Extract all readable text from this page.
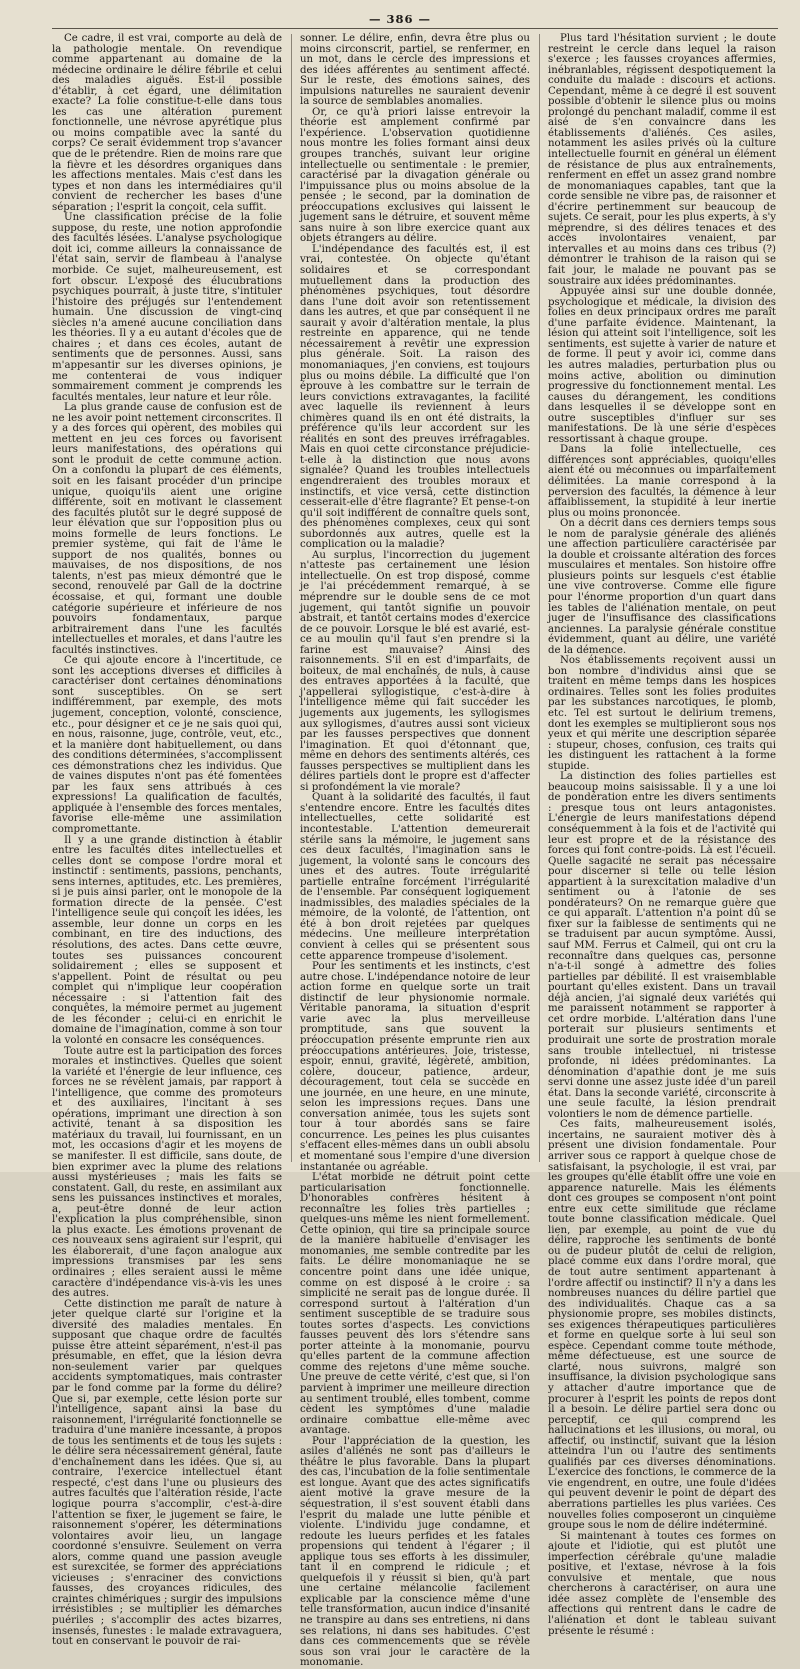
— 386 —

Ce cadre, il est vrai, comporte au delà de la pathologie mentale. On revendique comme appartenant au domaine de la médecine ordinaire le délire fébrile et celui des maladies aiguës. Est-il possible d'établir, à cet égard, une délimitation exacte? La folie constitue-t-elle dans tous les cas une altération purement fonctionnelle, une névrose apyrétique plus ou moins compatible avec la santé du corps? Ce serait évidemment trop s'avancer que de le prétendre. Rien de moins rare que la fièvre et les désordres organiques dans les affections mentales. Mais c'est dans les types et non dans les intermédiaires qu'il convient de rechercher les bases d'une séparation ; l'esprit la conçoit, cela suffit.

Une classification précise de la folie suppose, du reste, une notion approfondie des facultés lésées. L'analyse psychologique doit ici, comme ailleurs la connaissance de l'état sain, servir de flambeau à l'analyse morbide. Ce sujet, malheureusement, est fort obscur. L'exposé des élucubrations psychiques pourrait, à juste titre, s'intituler l'histoire des préjugés sur l'entendement humain. Une discussion de vingt-cinq siècles n'a amené aucune conciliation dans les théories. Il y a eu autant d'écoles que de chaires ; et dans ces écoles, autant de sentiments que de personnes. Aussi, sans m'appesantir sur les diverses opinions, je me contenterai de vous indiquer sommairement comment je comprends les facultés mentales, leur nature et leur rôle.

La plus grande cause de confusion est de ne les avoir point nettement circonscrites. Il y a des forces qui opèrent, des mobiles qui mettent en jeu ces forces ou favorisent leurs manifestations, des opérations qui sont le produit de cette commune action. On a confondu la plupart de ces éléments, soit en les faisant procéder d'un principe unique, quoiqu'ils aient une origine différente, soit en motivant le classement des facultés plutôt sur le degré supposé de leur élévation que sur l'opposition plus ou moins formelle de leurs fonctions. Le premier système, qui fait de l'âme le support de nos qualités, bonnes ou mauvaises, de nos dispositions, de nos talents, n'est pas mieux démontré que le second, renouvelé par Gall de la doctrine écossaise, et qui, formant une double catégorie supérieure et inférieure de nos pouvoirs fondamentaux, parque arbitrairement dans l'une les facultés intellectuelles et morales, et dans l'autre les facultés instinctives.

Ce qui ajoute encore à l'incertitude, ce sont les acceptions diverses et difficiles à caractériser dont certaines dénominations sont susceptibles. On se sert indifféremment, par exemple, des mots jugement, conception, volonté, conscience, etc., pour désigner et ce je ne sais quoi qui, en nous, raisonne, juge, contrôle, veut, etc., et la manière dont habituellement, ou dans des conditions déterminées, s'accomplissent ces démonstrations chez les individus. Que de vaines disputes n'ont pas été fomentées par les faux sens attribués à ces expressions! La qualification de facultés, appliquée à l'ensemble des forces mentales, favorise elle-même une assimilation compromettante.

Il y a une grande distinction à établir entre les facultés dites intellectuelles et celles dont se compose l'ordre moral et instinctif : sentiments, passions, penchants, sens internes, aptitudes, etc. Les premières, si je puis ainsi parler, ont le monopole de la formation directe de la pensée. C'est l'intelligence seule qui conçoit les idées, les assemble, leur donne un corps en les combinant, en tire des inductions, des résolutions, des actes. Dans cette œuvre, toutes ses puissances concourent solidairement ; elles se supposent et s'appellent. Point de résultat ou peu complet qui n'implique leur coopération nécessaire : si l'attention fait des conquêtes, la mémoire permet au jugement de les féconder ; celui-ci en enrichit le domaine de l'imagination, comme à son tour la volonté en consacre les conséquences.

Toute autre est la participation des forces morales et instinctives. Quelles que soient la variété et l'énergie de leur influence, ces forces ne se révèlent jamais, par rapport à l'intelligence, que comme des promoteurs et des auxiliaires, l'incitant à ses opérations, imprimant une direction à son activité, tenant à sa disposition les matériaux du travail, lui fournissant, en un mot, les occasions d'agir et les moyens de se manifester. Il est difficile, sans doute, de bien exprimer avec la plume des relations aussi mystérieuses ; mais les faits se constatent. Gall, du reste, en assimilant aux sens les puissances instinctives et morales, a, peut-être donné de leur action l'explication la plus compréhensible, sinon la plus exacte. Les émotions provenant de ces nouveaux sens agiraient sur l'esprit, qui les élaborerait, d'une façon analogue aux impressions transmises par les sens ordinaires ; elles seraient aussi le même caractère d'indépendance vis-à-vis les unes des autres.

Cette distinction me paraît de nature à jeter quelque clarté sur l'origine et la diversité des maladies mentales. En supposant que chaque ordre de facultés puisse être atteint séparément, n'est-il pas présumable, en effet, que la lésion devra non-seulement varier par quelques accidents symptomatiques, mais contraster par le fond comme par la forme du délire? Que si, par exemple, cette lésion porte sur l'intelligence, sapant ainsi la base du raisonnement, l'irrégularité fonctionnelle se traduira d'une manière incessante, à propos de tous les sentiments et de tous les sujets : le délire sera nécessairement général, faute d'enchaînement dans les idées. Que si, au contraire, l'exercice intellectuel étant respecté, c'est dans l'une ou plusieurs des autres facultés que l'altération réside, l'acte logique pourra s'accomplir, c'est-à-dire l'attention se fixer, le jugement se faire, le raisonnement s'opérer, les déterminations volontaires avoir lieu, un langage coordonné s'ensuivre. Seulement on verra alors, comme quand une passion aveugle est surexcitée, se former des appréciations vicieuses ; s'enraciner des convictions fausses, des croyances ridicules, des craintes chimériques ; surgir des impulsions irrésistibles ; se multiplier les démarches puériles ; s'accomplir des actes bizarres, insensés, funestes : le malade extravaguera, tout en conservant le pouvoir de rai-

sonner. Le délire, enfin, devra être plus ou moins circonscrit, partiel, se renfermer, en un mot, dans le cercle des impressions et des idées afférentes au sentiment affecté. Sur le reste, des émotions saines, des impulsions naturelles ne sauraient devenir la source de semblables anomalies.

Or, ce qu'à priori laisse entrevoir la théorie est amplement confirmé par l'expérience. L'observation quotidienne nous montre les folies formant ainsi deux groupes tranchés, suivant leur origine intellectuelle ou sentimentale : le premier, caractérisé par la divagation générale ou l'impuissance plus ou moins absolue de la pensée ; le second, par la domination de préoccupations exclusives qui laissent le jugement sans le détruire, et souvent même sans nuire à son libre exercice quant aux objets étrangers au délire.

L'indépendance des facultés est, il est vrai, contestée. On objecte qu'étant solidaires et se correspondant mutuellement dans la production des phénomènes psychiques, tout désordre dans l'une doit avoir son retentissement dans les autres, et que par conséquent il ne saurait y avoir d'altération mentale, la plus restreinte en apparence, qui ne tende nécessairement à revêtir une expression plus générale. Soit. La raison des monomaniaques, j'en conviens, est toujours plus ou moins débile. La difficulté que l'on éprouve à les combattre sur le terrain de leurs convictions extravagantes, la facilité avec laquelle ils reviennent à leurs chimères quand ils en ont été distraits, la préférence qu'ils leur accordent sur les réalités en sont des preuves irréfragables. Mais en quoi cette circonstance préjudicie-t-elle à la distinction que nous avons signalée? Quand les troubles intellectuels engendreraient des troubles moraux et instinctifs, et vice versâ, cette distinction cesserait-elle d'être flagrante? Et pense-t-on qu'il soit indifférent de connaître quels sont, des phénomènes complexes, ceux qui sont subordonnés aux autres, quelle est la complication ou la maladie?

Au surplus, l'incorrection du jugement n'atteste pas certainement une lésion intellectuelle. On est trop disposé, comme je l'ai précédemment remarqué, à se méprendre sur le double sens de ce mot jugement, qui tantôt signifie un pouvoir abstrait, et tantôt certains modes d'exercice de ce pouvoir. Lorsque le blé est avarié, est-ce au moulin qu'il faut s'en prendre si la farine est mauvaise? Ainsi des raisonnements. S'il en est d'imparfaits, de boiteux, de mal enchaînés, de nuls, à cause des entraves apportées à la faculté, que j'appellerai syllogistique, c'est-à-dire à l'intelligence même qui fait succéder les jugements aux jugements, les syllogismes aux syllogismes, d'autres aussi sont vicieux par les fausses perspectives que donnent l'imagination. Et quoi d'étonnant que, même en dehors des sentiments altérés, ces fausses perspectives se multiplient dans les délires partiels dont le propre est d'affecter si profondément la vie morale?

Quant à la solidarité des facultés, il faut s'entendre encore. Entre les facultés dites intellectuelles, cette solidarité est incontestable. L'attention demeurerait stérile sans la mémoire, le jugement sans ces deux facultés, l'imagination sans le jugement, la volonté sans le concours des unes et des autres. Toute irrégularité partielle entraîne forcément l'irrégularité de l'ensemble. Par conséquent logiquement inadmissibles, des maladies spéciales de la mémoire, de la volonté, de l'attention, ont été à bon droit rejetées par quelques médecins. Une meilleure interprétation convient à celles qui se présentent sous cette apparence trompeuse d'isolement.

Pour les sentiments et les instincts, c'est autre chose. L'indépendance notoire de leur action forme en quelque sorte un trait distinctif de leur physionomie normale. Véritable panorama, la situation d'esprit varie avec la plus merveilleuse promptitude, sans que souvent la préoccupation présente emprunte rien aux préoccupations antérieures. Joie, tristesse, espoir, ennui, gravité, légèreté, ambition, colère, douceur, patience, ardeur, découragement, tout cela se succède en une journée, en une heure, en une minute, selon les impressions reçues. Dans une conversation animée, tous les sujets sont tour à tour abordés sans se faire concurrence. Les peines les plus cuisantes s'effacent elles-mêmes dans un oubli absolu et momentané sous l'empire d'une diversion instantanée ou agréable.

L'état morbide ne détruit point cette particularisation fonctionnelle. D'honorables confrères hésitent à reconnaître les folies très partielles ; quelques-uns même les nient formellement. Cette opinion, qui tire sa principale source de la manière habituelle d'envisager les monomanies, me semble contredite par les faits. Le délire monomaniaque ne se concentre point dans une idée unique, comme on est disposé à le croire : sa simplicité ne serait pas de longue durée. Il correspond surtout à l'altération d'un sentiment susceptible de se traduire sous toutes sortes d'aspects. Les convictions fausses peuvent dès lors s'étendre sans porter atteinte à la monomanie, pourvu qu'elles partent de la commune affection comme des rejetons d'une même souche. Une preuve de cette vérité, c'est que, si l'on parvient à imprimer une meilleure direction au sentiment troublé, elles tombent, comme cèdent les symptômes d'une maladie ordinaire combattue elle-même avec avantage.

Pour l'appréciation de la question, les asiles d'aliénés ne sont pas d'ailleurs le théâtre le plus favorable. Dans la plupart des cas, l'incubation de la folie sentimentale est longue. Avant que des actes significatifs aient motivé la grave mesure de la séquestration, il s'est souvent établi dans l'esprit du malade une lutte pénible et violente. L'individu juge condamne, et redoute les lueurs perfides et les fatales propensions qui tendent à l'égarer ; il applique tous ses efforts à les dissimuler, tant il en comprend le ridicule ; et quelquefois il y réussit si bien, qu'à part une certaine mélancolie facilement explicable par la conscience même d'une telle transformation, aucun indice d'insanité ne transpire au dans ses entretiens, ni dans ses relations, ni dans ses habitudes. C'est dans ces commencements que se révèle sous son vrai jour le caractère de la monomanie.

Plus tard l'hésitation survient ; le doute restreint le cercle dans lequel la raison s'exerce ; les fausses croyances affermies, inébranlables, régissent despotiquement la conduite du malade : discours et actions. Cependant, même à ce degré il est souvent possible d'obtenir le silence plus ou moins prolongé du penchant maladif, comme il est aisé de s'en convaincre dans les établissements d'aliénés. Ces asiles, notamment les asiles privés où la culture intellectuelle fournit en général un élément de résistance de plus aux entraînements, renferment en effet un assez grand nombre de monomaniaques capables, tant que la corde sensible ne vibre pas, de raisonner et d'écrire pertinemment sur beaucoup de sujets. Ce serait, pour les plus experts, à s'y méprendre, si des délires tenaces et des accès involontaires venaient, par intervalles et au moins dans ces tribus (?) démontrer le trahison de la raison qui se fait jour, le malade ne pouvant pas se soustraire aux idées prédominantes.

Appuyée ainsi sur une double donnée, psychologique et médicale, la division des folies en deux principaux ordres me paraît d'une parfaite évidence. Maintenant, la lésion qui atteint soit l'intelligence, soit les sentiments, est sujette à varier de nature et de forme. Il peut y avoir ici, comme dans les autres maladies, perturbation plus ou moins active, abolition ou diminution progressive du fonctionnement mental. Les causes du dérangement, les conditions dans lesquelles il se développe sont en outre susceptibles d'influer sur ses manifestations. De là une série d'espèces ressortissant à chaque groupe.

Dans la folie intellectuelle, ces différences sont appréciables, quoiqu'elles aient été ou méconnues ou imparfaitement délimitées. La manie correspond à la perversion des facultés, la démence à leur affaiblissement, la stupidité à leur inertie plus ou moins prononcée.

On a décrit dans ces derniers temps sous le nom de paralysie générale des aliénés une affection particulière caractérisée par la double et croissante altération des forces musculaires et mentales. Son histoire offre plusieurs points sur lesquels c'est établie une vive controverse. Comme elle figure pour l'énorme proportion d'un quart dans les tables de l'aliénation mentale, on peut juger de l'insuffisance des classifications anciennes. La paralysie générale constitue évidemment, quant au délire, une variété de la démence.

Nos établissements reçoivent aussi un bon nombre d'individus ainsi que se traitent en même temps dans les hospices ordinaires. Telles sont les folies produites par les substances narcotiques, le plomb, etc. Tel est surtout le delirium tremens, dont les exemples se multiplieront sous nos yeux et qui mérite une description séparée : stupeur, choses, confusion, ces traits qui les distinguent les rattachent à la forme stupide.

La distinction des folies partielles est beaucoup moins saisissable. Il y a une loi de pondération entre les divers sentiments : presque tous ont leurs antagonistes. L'énergie de leurs manifestations dépend conséquemment à la fois et de l'activité qui leur est propre et de la résistance des forces qui font contre-poids. Là est l'écueil. Quelle sagacité ne serait pas nécessaire pour discerner si telle ou telle lésion appartient à la surexcitation maladive d'un sentiment ou à l'atonie de ses pondérateurs? On ne remarque guère que ce qui apparaît. L'attention n'a point dû se fixer sur la faiblesse de sentiments qui ne se traduisent par aucun symptôme. Aussi, sauf MM. Ferrus et Calmeil, qui ont cru la reconnaître dans quelques cas, personne n'a-t-il songé à admettre des folies partielles par débilité. Il est vraisemblable pourtant qu'elles existent. Dans un travail déjà ancien, j'ai signalé deux variétés qui me paraissent notamment se rapporter à cet ordre morbide. L'altération dans l'une porterait sur plusieurs sentiments et produirait une sorte de prostration morale sans trouble intellectuel, ni tristesse profonde, ni idées prédominantes. La dénomination d'apathie dont je me suis servi donne une assez juste idée d'un pareil état. Dans la seconde variété, circonscrite à une seule faculté, la lésion prendrait volontiers le nom de démence partielle.

Ces faits, malheureusement isolés, incertains, ne sauraient motiver dès à présent une division fondamentale. Pour arriver sous ce rapport à quelque chose de satisfaisant, la psychologie, il est vrai, par les groupes qu'elle établit offre une voie en apparence naturelle. Mais les éléments dont ces groupes se composent n'ont point entre eux cette similitude que réclame toute bonne classification médicale. Quel lien, par exemple, au point de vue du délire, rapproche les sentiments de bonté ou de pudeur plutôt de celui de religion, placé comme eux dans l'ordre moral, que de tout autre sentiment appartenant à l'ordre affectif ou instinctif? Il n'y a dans les nombreuses nuances du délire partiel que des individualités. Chaque cas a sa physionomie propre, ses mobiles distincts, ses exigences thérapeutiques particulières et forme en quelque sorte à lui seul son espèce. Cependant comme toute méthode, même défectueuse, est une source de clarté, nous suivrons, malgré son insuffisance, la division psychologique sans y attacher d'autre importance que de procurer à l'esprit les points de repos dont il a besoin. Le délire partiel sera donc ou perceptif, ce qui comprend les hallucinations et les illusions, ou moral, ou affectif, ou instinctif, suivant que la lésion atteindra l'un ou l'autre des sentiments qualifiés par ces diverses dénominations. L'exercice des fonctions, le commerce de la vie engendrent, en outre, une foule d'idées qui peuvent devenir le point de départ des aberrations partielles les plus variées. Ces nouvelles folies composeront un cinquième groupe sous le nom de délire indéterminé.

Si maintenant à toutes ces formes on ajoute et l'idiotie, qui est plutôt une imperfection cérébrale qu'une maladie positive, et l'extase, névrose à la fois convulsive et mentale, que nous chercherons à caractériser, on aura une idée assez complète de l'ensemble des affections qui rentrent dans le cadre de l'aliénation et dont le tableau suivant présente le résumé :
